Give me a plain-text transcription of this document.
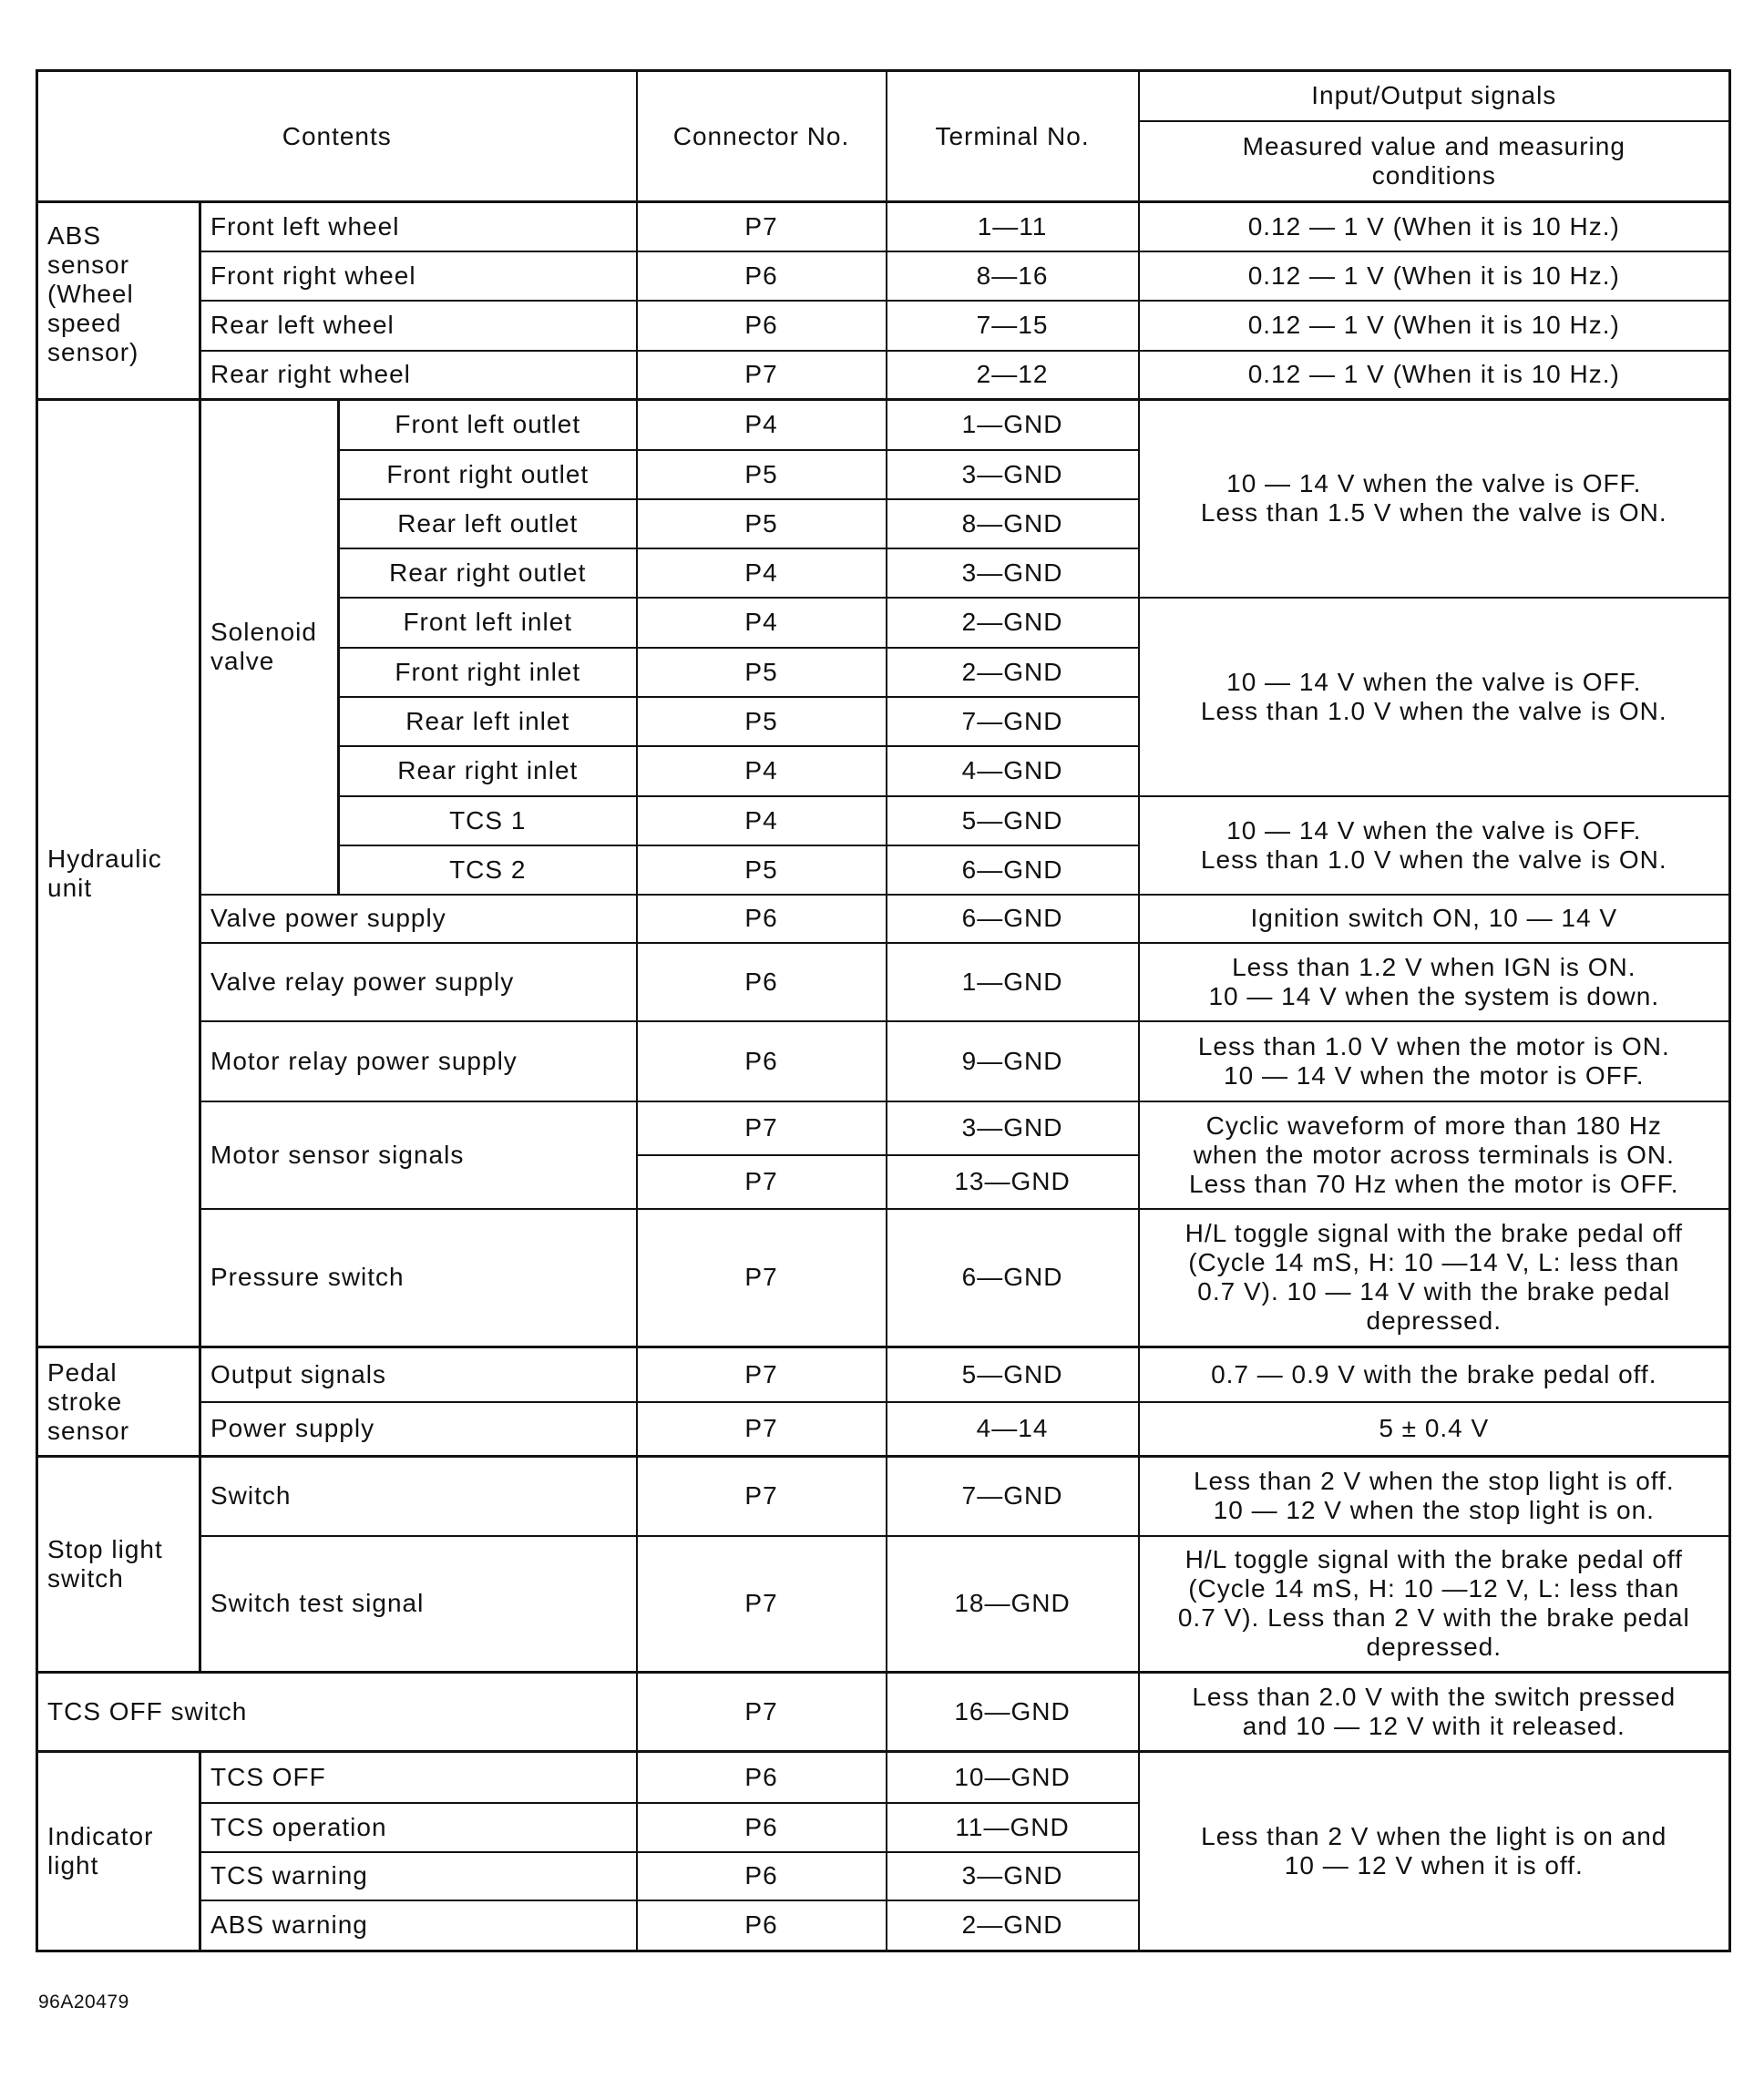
Contents			Connector No.	Terminal No.	Input/Output signals
					Measured value and measuring
conditions
ABS
sensor
(Wheel
speed
sensor)	Front left wheel		P7	1—11	0.12 — 1 V (When it is 10 Hz.)
	Front right wheel		P6	8—16	0.12 — 1 V (When it is 10 Hz.)
	Rear left wheel		P6	7—15	0.12 — 1 V (When it is 10 Hz.)
	Rear right wheel		P7	2—12	0.12 — 1 V (When it is 10 Hz.)
Hydraulic
unit	Solenoid
valve	Front left outlet	P4	1—GND	10 — 14 V when the valve is OFF.
Less than 1.5 V when the valve is ON.
		Front right outlet	P5	3—GND	
		Rear left outlet	P5	8—GND	
		Rear right outlet	P4	3—GND	
		Front left inlet	P4	2—GND	10 — 14 V when the valve is OFF.
Less than 1.0 V when the valve is ON.
		Front right inlet	P5	2—GND	
		Rear left inlet	P5	7—GND	
		Rear right inlet	P4	4—GND	
		TCS 1	P4	5—GND	10 — 14 V when the valve is OFF.
Less than 1.0 V when the valve is ON.
		TCS 2	P5	6—GND	
	Valve power supply		P6	6—GND	Ignition switch ON, 10 — 14 V
	Valve relay power supply		P6	1—GND	Less than 1.2 V when IGN is ON.
10 — 14 V when the system is down.
	Motor relay power supply		P6	9—GND	Less than 1.0 V when the motor is ON.
10 — 14 V when the motor is OFF.
	Motor sensor signals		P7	3—GND	Cyclic waveform of more than 180 Hz
when the motor across terminals is ON.
Less than 70 Hz when the motor is OFF.
			P7	13—GND	
	Pressure switch		P7	6—GND	H/L toggle signal with the brake pedal off
(Cycle 14 mS, H: 10 —14 V, L: less than
0.7 V). 10 — 14 V with the brake pedal
depressed.
Pedal
stroke
sensor	Output signals		P7	5—GND	0.7 — 0.9 V with the brake pedal off.
	Power supply		P7	4—14	5 ± 0.4 V
Stop light
switch	Switch		P7	7—GND	Less than 2 V when the stop light is off.
10 — 12 V when the stop light is on.
	Switch test signal		P7	18—GND	H/L toggle signal with the brake pedal off
(Cycle 14 mS, H: 10 —12 V, L: less than
0.7 V). Less than 2 V with the brake pedal
depressed.
TCS OFF switch			P7	16—GND	Less than 2.0 V with the switch pressed
and 10 — 12 V with it released.
Indicator
light	TCS OFF		P6	10—GND	Less than 2 V when the light is on and
10 — 12 V when it is off.
	TCS operation		P6	11—GND	
	TCS warning		P6	3—GND	
	ABS warning		P6	2—GND	
96A20479
